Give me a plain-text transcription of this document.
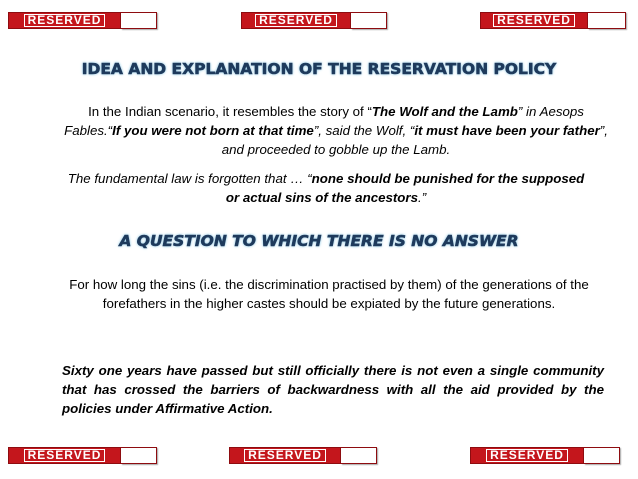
RESERVED	RESERVED	RESERVED
IDEA AND EXPLANATION OF THE RESERVATION POLICY
In the Indian scenario, it resembles the story of “The Wolf and the Lamb” in Aesops Fables.“If you were not born at that time”, said the Wolf, “it must have been your father”, and proceeded to gobble up the Lamb.
The fundamental law is forgotten that … “none should be punished for the supposed or actual sins of the ancestors.”
A QUESTION TO WHICH THERE IS NO ANSWER
For how long the sins (i.e. the discrimination practised by them) of the generations of the forefathers in the higher castes should be expiated by the future generations.
Sixty one years have passed but still officially there is not even a single community that has crossed the barriers of backwardness with all the aid provided by the policies under Affirmative Action.
RESERVED	RESERVED	RESERVED
